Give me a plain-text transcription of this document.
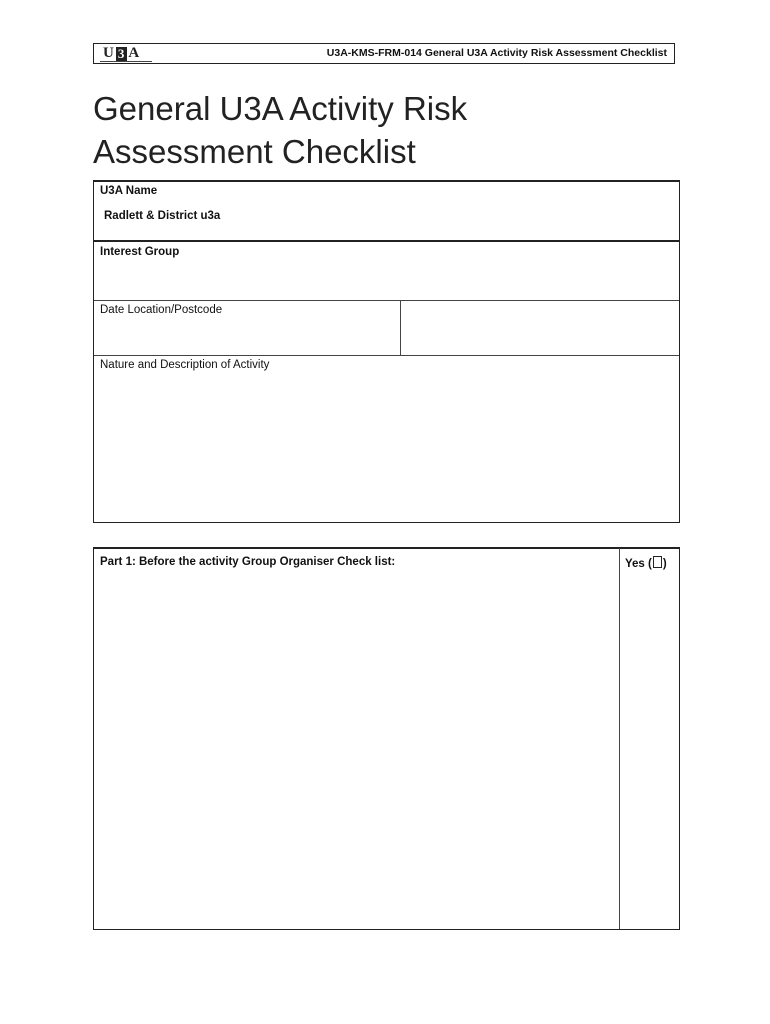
U 3 A	U3A-KMS-FRM-014 General U3A Activity Risk Assessment Checklist
General U3A Activity Risk Assessment Checklist
U3A Name
Radlett & District u3a
Interest Group
Date Location/Postcode
Nature and Description of Activity
Part 1: Before the activity Group Organiser Check list:	Yes ( )
